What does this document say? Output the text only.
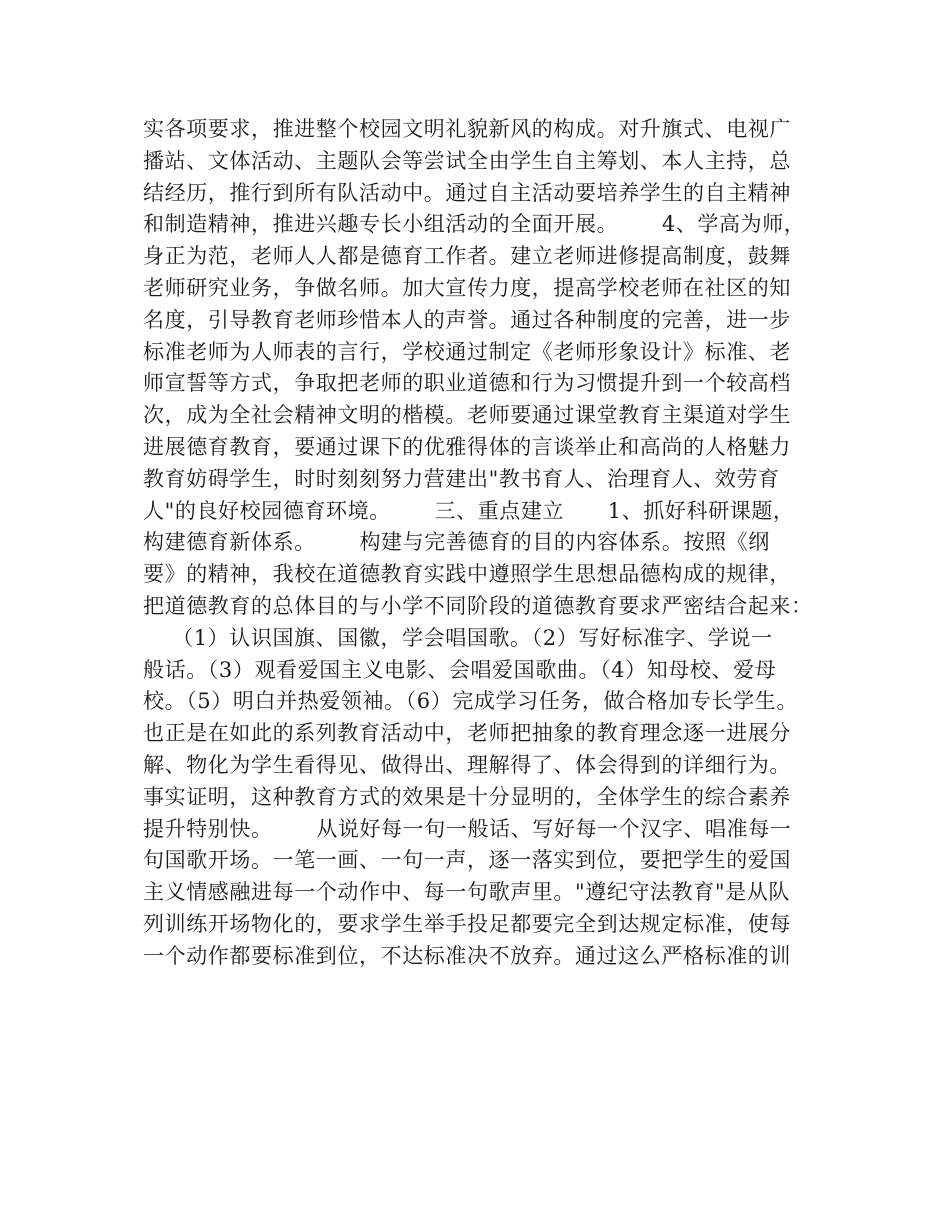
实各项要求，推进整个校园文明礼貌新风的构成。对升旗式、电视广
播站、文体活动、主题队会等尝试全由学生自主筹划、本人主持，总
结经历，推行到所有队活动中。通过自主活动要培养学生的自主精神
和制造精神，推进兴趣专长小组活动的全面开展。      4、学高为师，
身正为范，老师人人都是德育工作者。建立老师进修提高制度，鼓舞
老师研究业务，争做名师。加大宣传力度，提高学校老师在社区的知
名度，引导教育老师珍惜本人的声誉。通过各种制度的完善，进一步
标准老师为人师表的言行，学校通过制定《老师形象设计》标准、老
师宣誓等方式，争取把老师的职业道德和行为习惯提升到一个较高档
次，成为全社会精神文明的楷模。老师要通过课堂教育主渠道对学生
进展德育教育，要通过课下的优雅得体的言谈举止和高尚的人格魅力
教育妨碍学生，时时刻刻努力营建出"教书育人、治理育人、效劳育
人"的良好校园德育环境。      三、重点建立      1、抓好科研课题，
构建德育新体系。      构建与完善德育的目的内容体系。按照《纲
要》的精神，我校在道德教育实践中遵照学生思想品德构成的规律，
把道德教育的总体目的与小学不同阶段的道德教育要求严密结合起来：
（1）认识国旗、国徽，学会唱国歌。（2）写好标准字、学说一
般话。（3）观看爱国主义电影、会唱爱国歌曲。（4）知母校、爱母
校。（5）明白并热爱领袖。（6）完成学习任务，做合格加专长学生。
也正是在如此的系列教育活动中，老师把抽象的教育理念逐一进展分
解、物化为学生看得见、做得出、理解得了、体会得到的详细行为。
事实证明，这种教育方式的效果是十分显明的，全体学生的综合素养
提升特别快。      从说好每一句一般话、写好每一个汉字、唱准每一
句国歌开场。一笔一画、一句一声，逐一落实到位，要把学生的爱国
主义情感融进每一个动作中、每一句歌声里。"遵纪守法教育"是从队
列训练开场物化的，要求学生举手投足都要完全到达规定标准，使每
一个动作都要标准到位，不达标准决不放弃。通过这么严格标准的训
